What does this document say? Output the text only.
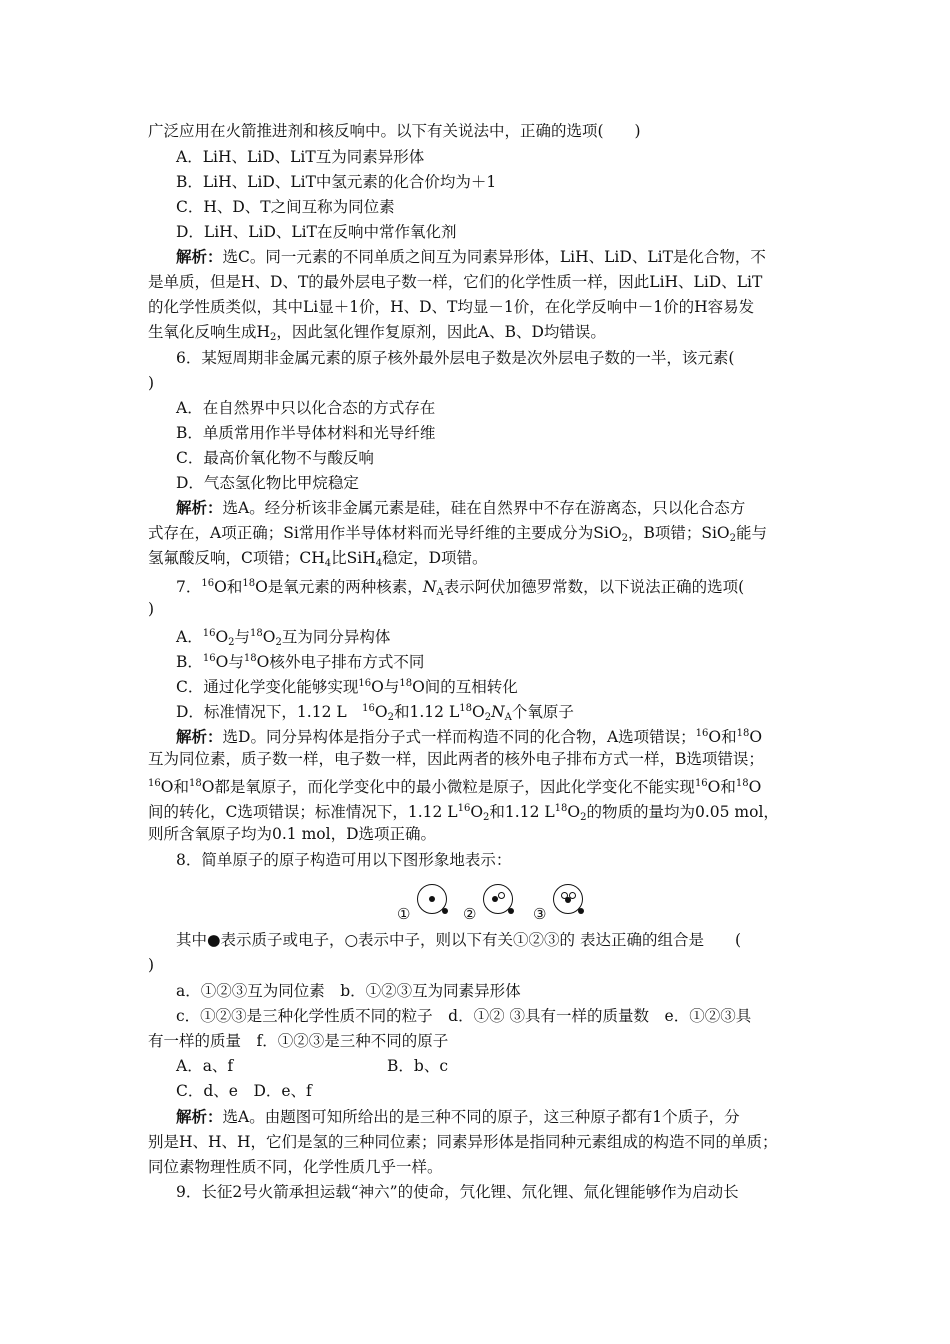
广泛应用在火箭推进剂和核反响中。以下有关说法中，正确的选项(　　)
A．LiH、LiD、LiT互为同素异形体
B．LiH、LiD、LiT中氢元素的化合价均为＋1
C．H、D、T之间互称为同位素
D．LiH、LiD、LiT在反响中常作氧化剂
解析：选C。同一元素的不同单质之间互为同素异形体，LiH、LiD、LiT是化合物，不
是单质，但是H、D、T的最外层电子数一样，它们的化学性质一样，因此LiH、LiD、LiT
的化学性质类似，其中Li显＋1价，H、D、T均显－1价，在化学反响中－1价的H容易发
生氧化反响生成$H_2$，因此氢化锂作复原剂，因此A、B、D均错误。
6．某短周期非金属元素的原子核外最外层电子数是次外层电子数的一半，该元素(
)
A．在自然界中只以化合态的方式存在
B．单质常用作半导体材料和光导纤维
C．最高价氧化物不与酸反响
D．气态氢化物比甲烷稳定
解析：选A。经分析该非金属元素是硅，硅在自然界中不存在游离态，只以化合态方
式存在，A项正确；Si常用作半导体材料而光导纤维的主要成分为SiO$_2$，B项错；SiO$_2$能与
氢氟酸反响，C项错；$CH_4$比SiH$_4$稳定，D项错。
7．$^{16}$O和$^{18}$O是氧元素的两种核素，$N_A$表示阿伏加德罗常数，以下说法正确的选项(
)
A．$^{16}O_2$与$^{18}O_2$互为同分异构体
B．$^{16}$O与$^{18}$O核外电子排布方式不同
C．通过化学变化能够实现$^{16}$O与$^{18}$O间的互相转化
D．标准情况下，1.12 L　$^{16}O_2$和1.12 $L^{18}O_2N_A$个氧原子
解析：选D。同分异构体是指分子式一样而构造不同的化合物，A选项错误；$^{16}$O和$^{18}$O
互为同位素，质子数一样，电子数一样，因此两者的核外电子排布方式一样，B选项错误；
$^{16}$O和$^{18}$O都是氧原子，而化学变化中的最小微粒是原子，因此化学变化不能实现$^{16}$O和$^{18}$O
间的转化，C选项错误；标准情况下，1.12 $L^{16}O_2$和1.12 $L^{18}O_2$的物质的量均为0.05 mol，
则所含氧原子均为0.1 mol，D选项正确。
8．简单原子的原子构造可用以下图形象地表示：
①	②	③
其中●表示质子或电子，○表示中子，则以下有关①②③的 表达正确的组合是　　(
)
a．①②③互为同位素　b．①②③互为同素异形体
c．①②③是三种化学性质不同的粒子　d．①② ③具有一样的质量数　e．①②③具
有一样的质量　f．①②③是三种不同的原子
A．a、f	B．b、c
C．d、e　D．e、f
解析：选A。由题图可知所给出的是三种不同的原子，这三种原子都有1个质子，分
别是H、H、H，它们是氢的三种同位素；同素异形体是指同种元素组成的构造不同的单质；
同位素物理性质不同，化学性质几乎一样。
9．长征2号火箭承担运载“神六”的使命，氕化锂、氘化锂、氚化锂能够作为启动长
